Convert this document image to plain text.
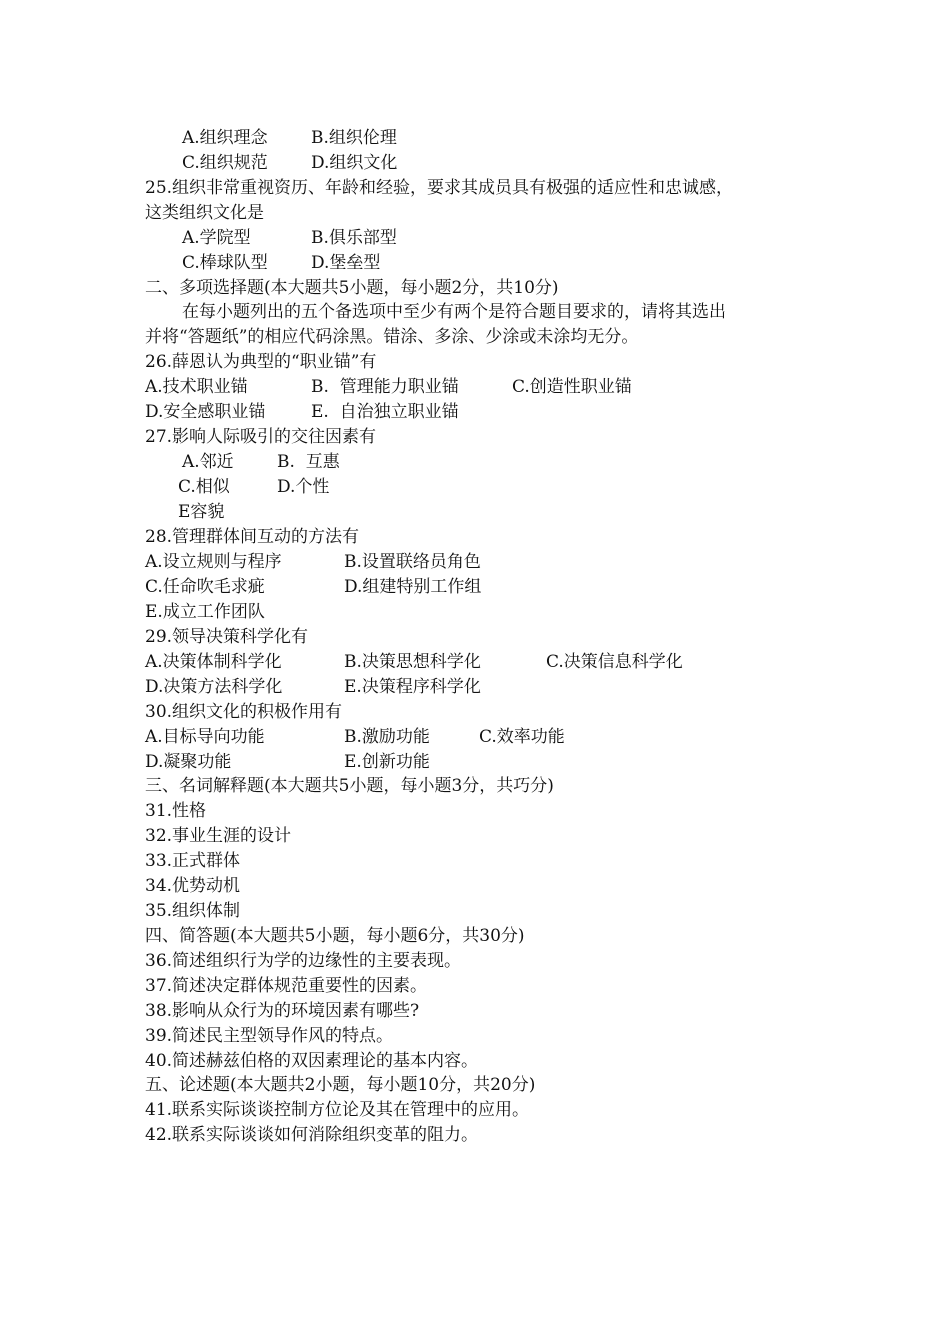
A.组织理念	B.组织伦理
C.组织规范	D.组织文化
25.组织非常重视资历、年龄和经验，要求其成员具有极强的适应性和忠诚感，
这类组织文化是
A.学院型	B.俱乐部型
C.棒球队型	D.堡垒型
二、多项选择题(本大题共5小题，每小题2分，共10分)
在每小题列出的五个备选项中至少有两个是符合题目要求的，请将其选出
并将“答题纸”的相应代码涂黑。错涂、多涂、少涂或未涂均无分。
26.薛恩认为典型的“职业锚”有
A.技术职业锚	B.  管理能力职业锚	C.创造性职业锚
D.安全感职业锚	E.  自治独立职业锚
27.影响人际吸引的交往因素有
A.邻近	B.  互惠
C.相似	D.个性
E容貌
28.管理群体间互动的方法有
A.设立规则与程序	B.设置联络员角色
C.任命吹毛求疵	D.组建特别工作组
E.成立工作团队
29.领导决策科学化有
A.决策体制科学化	B.决策思想科学化	C.决策信息科学化
D.决策方法科学化	E.决策程序科学化
30.组织文化的积极作用有
A.目标导向功能	B.激励功能	C.效率功能
D.凝聚功能	E.创新功能
三、名词解释题(本大题共5小题，每小题3分，共巧分)
31.性格
32.事业生涯的设计
33.正式群体
34.优势动机
35.组织体制
四、简答题(本大题共5小题，每小题6分，共30分)
36.简述组织行为学的边缘性的主要表现。
37.简述决定群体规范重要性的因素。
38.影响从众行为的环境因素有哪些?
39.简述民主型领导作风的特点。
40.简述赫兹伯格的双因素理论的基本内容。
五、论述题(本大题共2小题，每小题10分，共20分)
41.联系实际谈谈控制方位论及其在管理中的应用。
42.联系实际谈谈如何消除组织变革的阻力。
